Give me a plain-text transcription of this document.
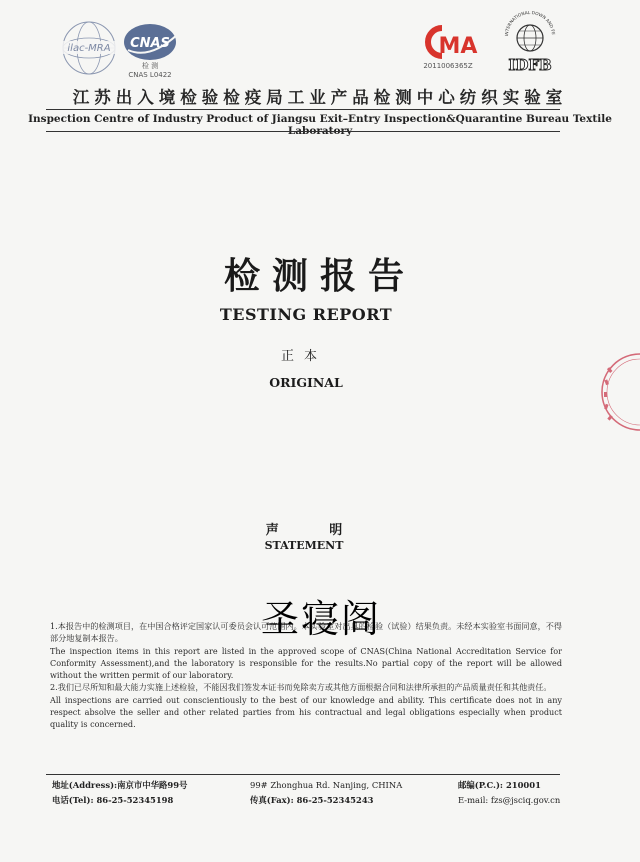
ilac-MRA CNAS
检 测
CNAS L0422
MA
2011006365Z
INTERNATIONAL DOWN AND FE
IDFB
江苏出入境检验检疫局工业产品检测中心纺织实验室
Inspection Centre of Industry Product of Jiangsu Exit–Entry Inspection&Quarantine Bureau Textile Laboratory
检测报告
TESTING REPORT
正本
ORIGINAL
声 明
STATEMENT

1.本报告中的检测项目，在中国合格评定国家认可委员会认可范围内。本实验室对出具的检验（试验）结果负责。未经本实验室书面同意，不得部分地复制本报告。

The inspection items in this report are listed in the approved scope of CNAS(China National Accreditation Service for Conformity Assessment),and the laboratory is responsible for the results.No partial copy of the report will be allowed without the written permit of our laboratory.

2.我们已尽所知和最大能力实施上述检验，不能因我们签发本证书而免除卖方或其他方面根据合同和法律所承担的产品质量责任和其他责任。

All inspections are carried out conscientiously to the best of our knowledge and ability. This certificate does not in any respect absolve the seller and other related parties from his contractual and legal obligations especially when product quality is concerned.

圣寝阁
地址(Address):南京市中华路99号
电话(Tel): 86-25-52345198
99# Zhonghua Rd. Nanjing, CHINA
传真(Fax): 86-25-52345243
邮编(P.C.): 210001
E-mail: fzs@jsciq.gov.cn
